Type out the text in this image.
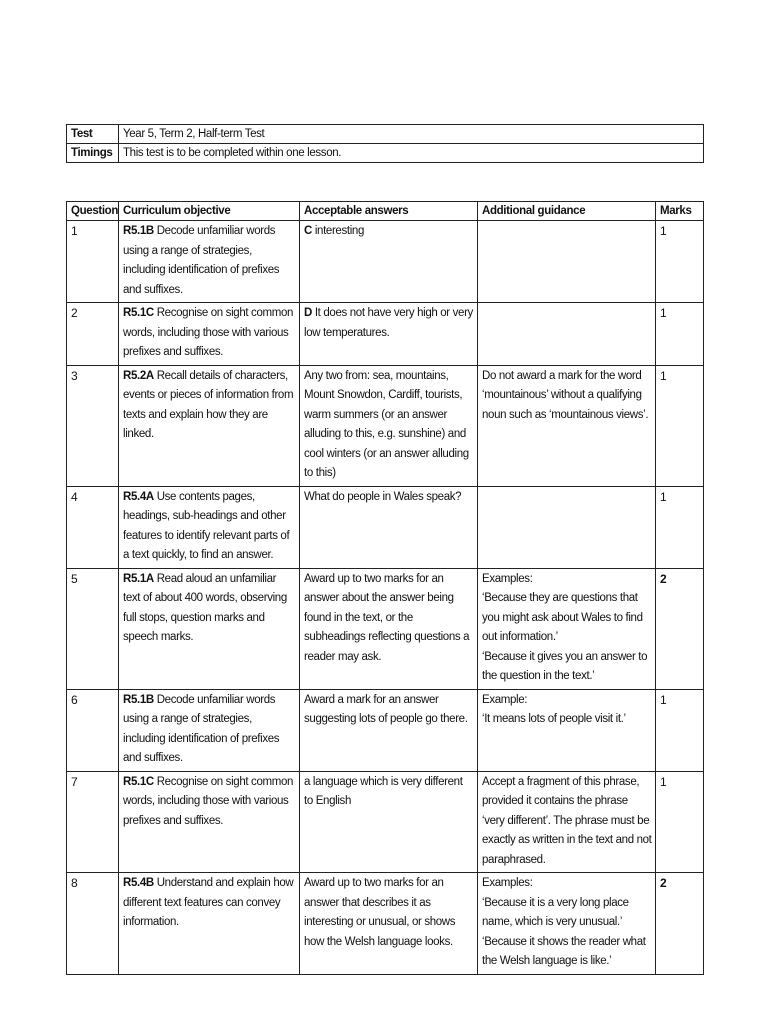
Test	Year 5, Term 2, Half-term Test
Timings	This test is to be completed within one lesson.
Question	Curriculum objective	Acceptable answers	Additional guidance	Marks
1	R5.1B Decode unfamiliar words using a range of strategies, including identification of prefixes and suffixes.	C interesting		1
2	R5.1C Recognise on sight common words, including those with various prefixes and suffixes.	D It does not have very high or very low temperatures.		1
3	R5.2A Recall details of characters, events or pieces of information from texts and explain how they are linked.	Any two from: sea, mountains, Mount Snowdon, Cardiff, tourists, warm summers (or an answer alluding to this, e.g. sunshine) and cool winters (or an answer alluding to this)	Do not award a mark for the word ‘mountainous’ without a qualifying noun such as ‘mountainous views’.	1
4	R5.4A Use contents pages, headings, sub-headings and other features to identify relevant parts of a text quickly, to find an answer.	What do people in Wales speak?		1
5	R5.1A Read aloud an unfamiliar text of about 400 words, observing full stops, question marks and speech marks.	Award up to two marks for an answer about the answer being found in the text, or the subheadings reflecting questions a reader may ask.	Examples:
‘Because they are questions that you might ask about Wales to find out information.’
‘Because it gives you an answer to the question in the text.’	2
6	R5.1B Decode unfamiliar words using a range of strategies, including identification of prefixes and suffixes.	Award a mark for an answer suggesting lots of people go there.	Example:
‘It means lots of people visit it.’	1
7	R5.1C Recognise on sight common words, including those with various prefixes and suffixes.	a language which is very different to English	Accept a fragment of this phrase, provided it contains the phrase ‘very different’. The phrase must be exactly as written in the text and not paraphrased.	1
8	R5.4B Understand and explain how different text features can convey information.	Award up to two marks for an answer that describes it as interesting or unusual, or shows how the Welsh language looks.	Examples:
‘Because it is a very long place name, which is very unusual.’
‘Because it shows the reader what the Welsh language is like.’	2
